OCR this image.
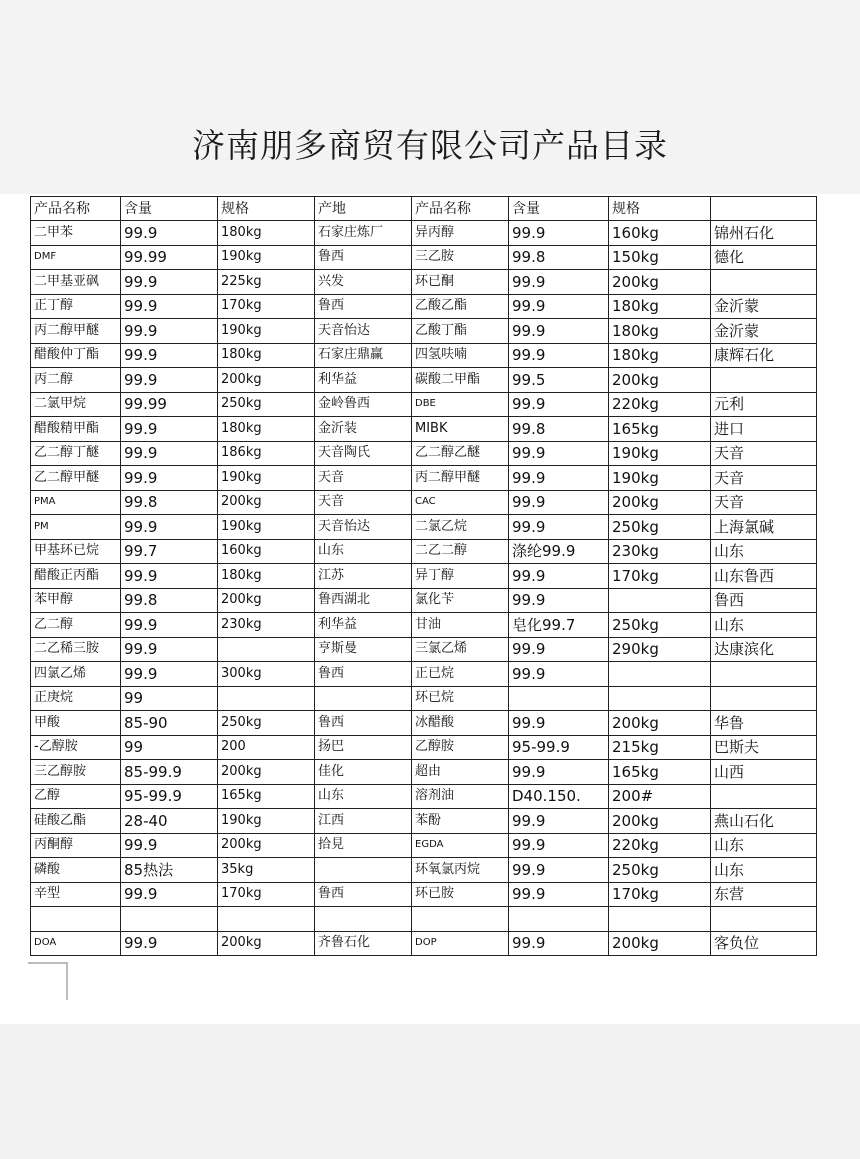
济南朋多商贸有限公司产品目录
产品名称	含量	规格	产地	产品名称	含量	规格	
二甲苯	99.9	180kg	石家庄炼厂	异丙醇	99.9	160kg	锦州石化
DMF	99.99	190kg	鲁西	三乙胺	99.8	150kg	德化
二甲基亚砜	99.9	225kg	兴发	环已酮	99.9	200kg	
正丁醇	99.9	170kg	鲁西	乙酸乙酯	99.9	180kg	金沂蒙
丙二醇甲醚	99.9	190kg	天音怡达	乙酸丁酯	99.9	180kg	金沂蒙
醋酸仲丁酯	99.9	180kg	石家庄鼎赢	四氢呋喃	99.9	180kg	康辉石化
丙二醇	99.9	200kg	利华益	碳酸二甲酯	99.5	200kg	
二氯甲烷	99.99	250kg	金岭鲁西	DBE	99.9	220kg	元利
醋酸精甲酯	99.9	180kg	金沂装	MIBK	99.8	165kg	进口
乙二醇丁醚	99.9	186kg	天音陶氏	乙二醇乙醚	99.9	190kg	天音
乙二醇甲醚	99.9	190kg	天音	丙二醇甲醚	99.9	190kg	天音
PMA	99.8	200kg	天音	CAC	99.9	200kg	天音
PM	99.9	190kg	天音怡达	二氯乙烷	99.9	250kg	上海氯碱
甲基环已烷	99.7	160kg	山东	二乙二醇	涤纶99.9	230kg	山东
醋酸正丙酯	99.9	180kg	江苏	异丁醇	99.9	170kg	山东鲁西
苯甲醇	99.8	200kg	鲁西湖北	氯化苄	99.9		鲁西
乙二醇	99.9	230kg	利华益	甘油	皂化99.7	250kg	山东
二乙稀三胺	99.9		亨斯曼	三氯乙烯	99.9	290kg	达康滨化
四氯乙烯	99.9	300kg	鲁西	正已烷	99.9		
正庚烷	99			环已烷			
甲酸	85-90	250kg	鲁西	冰醋酸	99.9	200kg	华鲁
-乙醇胺	99	200	扬巴	乙醇胺	95-99.9	215kg	巴斯夫
三乙醇胺	85-99.9	200kg	佳化	超由	99.9	165kg	山西
乙醇	95-99.9	165kg	山东	溶剂油	D40.150.	200#	
硅酸乙酯	28-40	190kg	江西	苯酚	99.9	200kg	燕山石化
丙酮醇	99.9	200kg	拾見	EGDA	99.9	220kg	山东
磷酸	85热法	35kg		环氧氯丙烷	99.9	250kg	山东
辛型	99.9	170kg	鲁西	环已胺	99.9	170kg	东营

DOA	99.9	200kg	齐鲁石化	DOP	99.9	200kg	客负位
